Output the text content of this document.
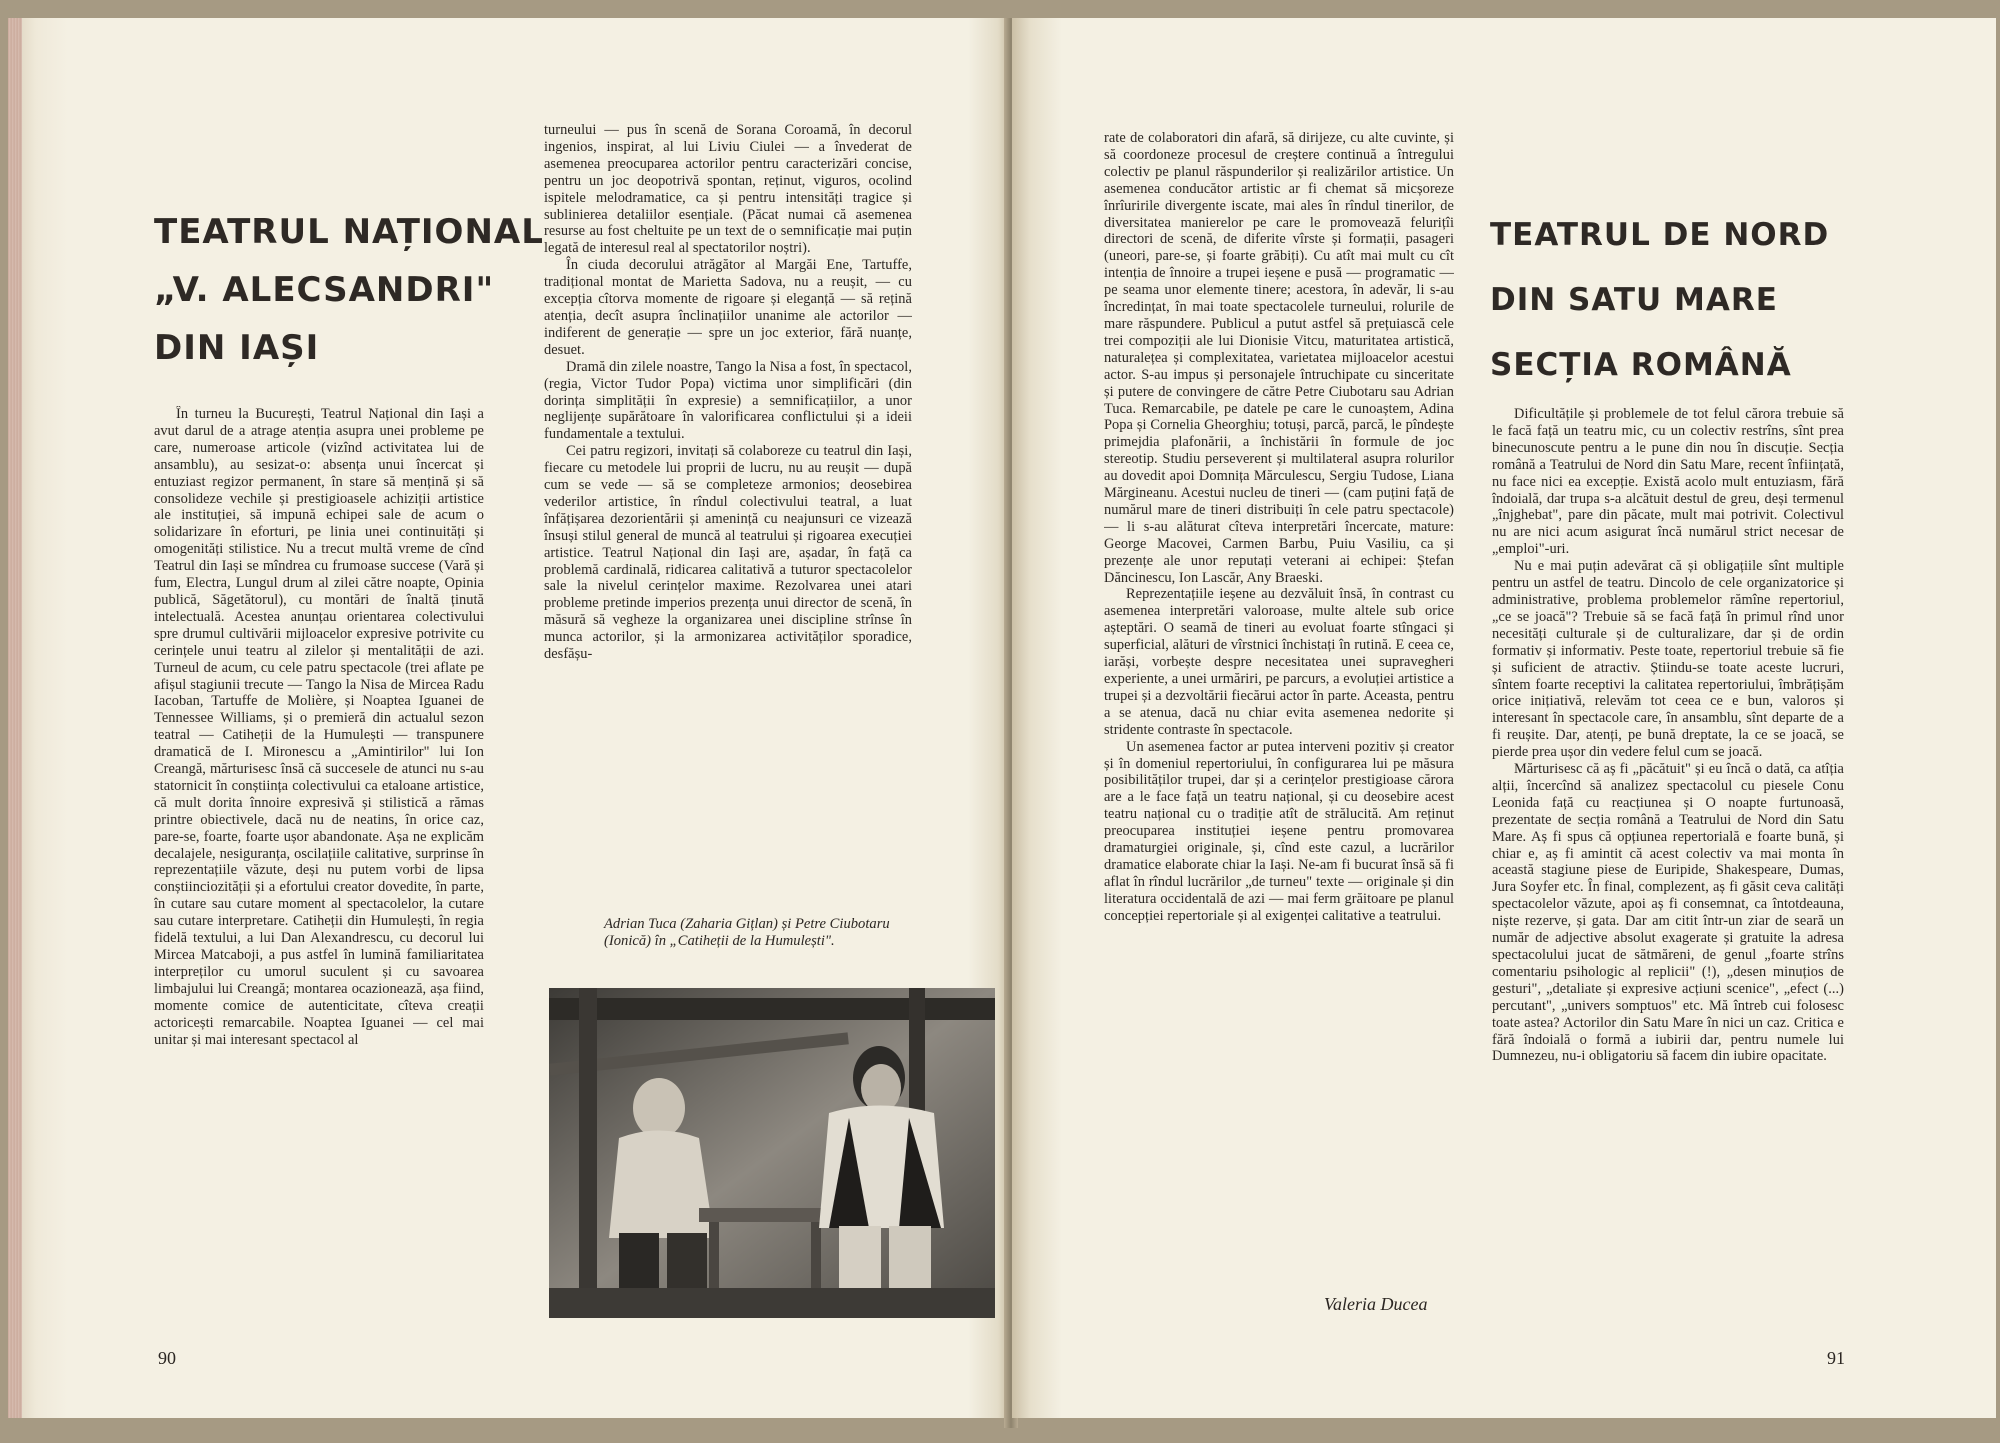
TEATRUL NAȚIONAL
„V. ALECSANDRI"
DIN IAȘI

În turneu la București, Teatrul Național din Iași a avut darul de a atrage atenția asupra unei probleme pe care, numeroase articole (vizînd activitatea lui de ansamblu), au sesizat-o: absența unui încercat și entuziast regizor permanent, în stare să mențină și să consolideze vechile și prestigioasele achiziții artistice ale instituției, să impună echipei sale de acum o solidarizare în eforturi, pe linia unei continuități și omogenități stilistice. Nu a trecut multă vreme de cînd Teatrul din Iași se mîndrea cu frumoase succese (Vară și fum, Electra, Lungul drum al zilei către noapte, Opinia publică, Săgetătorul), cu montări de înaltă ținută intelectuală. Acestea anunțau orientarea colectivului spre drumul cultivării mijloacelor expresive potrivite cu cerințele unui teatru al zilelor și mentalității de azi. Turneul de acum, cu cele patru spectacole (trei aflate pe afișul stagiunii trecute — Tango la Nisa de Mircea Radu Iacoban, Tartuffe de Molière, și Noaptea Iguanei de Tennessee Williams, și o premieră din actualul sezon teatral — Catiheții de la Humulești — transpunere dramatică de I. Mironescu a „Amintirilor" lui Ion Creangă, mărturisesc însă că succesele de atunci nu s-au statornicit în conștiința colectivului ca etaloane artistice, că mult dorita înnoire expresivă și stilistică a rămas printre obiectivele, dacă nu de neatins, în orice caz, pare-se, foarte, foarte ușor abandonate. Așa ne explicăm decalajele, nesiguranța, oscilațiile calitative, surprinse în reprezentațiile văzute, deși nu putem vorbi de lipsa conștiinciozității și a efortului creator dovedite, în parte, în cutare sau cutare moment al spectacolelor, la cutare sau cutare interpretare. Catiheții din Humulești, în regia fidelă textului, a lui Dan Alexandrescu, cu decorul lui Mircea Matcaboji, a pus astfel în lumină familiaritatea interpreților cu umorul suculent și cu savoarea limbajului lui Creangă; montarea ocazionează, așa fiind, momente comice de autenticitate, cîteva creații actoricești remarcabile. Noaptea Iguanei — cel mai unitar și mai interesant spectacol al

turneului — pus în scenă de Sorana Coroamă, în decorul ingenios, inspirat, al lui Liviu Ciulei — a învederat de asemenea preocuparea actorilor pentru caracterizări concise, pentru un joc deopotrivă spontan, reținut, viguros, ocolind ispitele melodramatice, ca și pentru intensități tragice și sublinierea detaliilor esențiale. (Păcat numai că asemenea resurse au fost cheltuite pe un text de o semnificație mai puțin legată de interesul real al spectatorilor noștri).

În ciuda decorului atrăgător al Margăi Ene, Tartuffe, tradițional montat de Marietta Sadova, nu a reușit, — cu excepția cîtorva momente de rigoare și eleganță — să rețină atenția, decît asupra înclinațiilor unanime ale actorilor — indiferent de generație — spre un joc exterior, fără nuanțe, desuet.

Dramă din zilele noastre, Tango la Nisa a fost, în spectacol, (regia, Victor Tudor Popa) victima unor simplificări (din dorința simplității în expresie) a semnificațiilor, a unor neglijențe supărătoare în valorificarea conflictului și a ideii fundamentale a textului.

Cei patru regizori, invitați să colaboreze cu teatrul din Iași, fiecare cu metodele lui proprii de lucru, nu au reușit — după cum se vede — să se completeze armonios; deosebirea vederilor artistice, în rîndul colectivului teatral, a luat înfățișarea dezorientării și amenință cu neajunsuri ce vizează însuși stilul general de muncă al teatrului și rigoarea execuției artistice. Teatrul Național din Iași are, așadar, în față ca problemă cardinală, ridicarea calitativă a tuturor spectacolelor sale la nivelul cerințelor maxime. Rezolvarea unei atari probleme pretinde imperios prezența unui director de scenă, în măsură să vegheze la organizarea unei discipline strînse în munca actorilor, și la armonizarea activităților sporadice, desfășu-

Adrian Tuca (Zaharia Gițlan) și Petre Ciubotaru (Ionică) în „Catiheții de la Humulești".
90

rate de colaboratori din afară, să dirijeze, cu alte cuvinte, și să coordoneze procesul de creștere continuă a întregului colectiv pe planul răspunderilor și realizărilor artistice. Un asemenea conducător artistic ar fi chemat să micșoreze înrîuririle divergente iscate, mai ales în rîndul tinerilor, de diversitatea manierelor pe care le promovează felurițîi directori de scenă, de diferite vîrste și formații, pasageri (uneori, pare-se, și foarte grăbiți). Cu atît mai mult cu cît intenția de înnoire a trupei ieșene e pusă — programatic — pe seama unor elemente tinere; acestora, în adevăr, li s-au încredințat, în mai toate spectacolele turneului, rolurile de mare răspundere. Publicul a putut astfel să prețuiască cele trei compoziții ale lui Dionisie Vitcu, maturitatea artistică, naturalețea și complexitatea, varietatea mijloacelor acestui actor. S-au impus și personajele întruchipate cu sinceritate și putere de convingere de către Petre Ciubotaru sau Adrian Tuca. Remarcabile, pe datele pe care le cunoaștem, Adina Popa și Cornelia Gheorghiu; totuși, parcă, parcă, le pîndește primejdia plafonării, a închistării în formule de joc stereotip. Studiu perseverent și multilateral asupra rolurilor au dovedit apoi Domnița Mărculescu, Sergiu Tudose, Liana Mărgineanu. Acestui nucleu de tineri — (cam puțini față de numărul mare de tineri distribuiți în cele patru spectacole) — li s-au alăturat cîteva interpretări încercate, mature: George Macovei, Carmen Barbu, Puiu Vasiliu, ca și prezențe ale unor reputați veterani ai echipei: Ștefan Dăncinescu, Ion Lascăr, Any Braeski.

Reprezentațiile ieșene au dezvăluit însă, în contrast cu asemenea interpretări valoroase, multe altele sub orice așteptări. O seamă de tineri au evoluat foarte stîngaci și superficial, alături de vîrstnici închistați în rutină. E ceea ce, iarăși, vorbește despre necesitatea unei supravegheri experiente, a unei urmăriri, pe parcurs, a evoluției artistice a trupei și a dezvoltării fiecărui actor în parte. Aceasta, pentru a se atenua, dacă nu chiar evita asemenea nedorite și stridente contraste în spectacole.

Un asemenea factor ar putea interveni pozitiv și creator și în domeniul repertoriului, în configurarea lui pe măsura posibilităților trupei, dar și a cerințelor prestigioase cărora are a le face față un teatru național, și cu deosebire acest teatru național cu o tradiție atît de strălucită. Am reținut preocuparea instituției ieșene pentru promovarea dramaturgiei originale, și, cînd este cazul, a lucrărilor dramatice elaborate chiar la Iași. Ne-am fi bucurat însă să fi aflat în rîndul lucrărilor „de turneu" texte — originale și din literatura occidentală de azi — mai ferm grăitoare pe planul concepției repertoriale și al exigenței calitative a teatrului.

Valeria Ducea
TEATRUL DE NORD
DIN SATU MARE
SECȚIA ROMÂNĂ

Dificultățile și problemele de tot felul cărora trebuie să le facă față un teatru mic, cu un colectiv restrîns, sînt prea binecunoscute pentru a le pune din nou în discuție. Secția română a Teatrului de Nord din Satu Mare, recent înființată, nu face nici ea excepție. Există acolo mult entuziasm, fără îndoială, dar trupa s-a alcătuit destul de greu, deși termenul „înjghebat", pare din păcate, mult mai potrivit. Colectivul nu are nici acum asigurat încă numărul strict necesar de „emploi"-uri.

Nu e mai puțin adevărat că și obligațiile sînt multiple pentru un astfel de teatru. Dincolo de cele organizatorice și administrative, problema problemelor rămîne repertoriul, „ce se joacă"? Trebuie să se facă față în primul rînd unor necesități culturale și de culturalizare, dar și de ordin formativ și informativ. Peste toate, repertoriul trebuie să fie și suficient de atractiv. Știindu-se toate aceste lucruri, sîntem foarte receptivi la calitatea repertoriului, îmbrățișăm orice inițiativă, relevăm tot ceea ce e bun, valoros și interesant în spectacole care, în ansamblu, sînt departe de a fi reușite. Dar, atenți, pe bună dreptate, la ce se joacă, se pierde prea ușor din vedere felul cum se joacă.

Mărturisesc că aș fi „păcătuit" și eu încă o dată, ca atîția alții, încercînd să analizez spectacolul cu piesele Conu Leonida față cu reacțiunea și O noapte furtunoasă, prezentate de secția română a Teatrului de Nord din Satu Mare. Aș fi spus că opțiunea repertorială e foarte bună, și chiar e, aș fi amintit că acest colectiv va mai monta în această stagiune piese de Euripide, Shakespeare, Dumas, Jura Soyfer etc. În final, complezent, aș fi găsit ceva calități spectacolelor văzute, apoi aș fi consemnat, ca întotdeauna, niște rezerve, și gata. Dar am citit într-un ziar de seară un număr de adjective absolut exagerate și gratuite la adresa spectacolului jucat de sătmăreni, de genul „foarte strîns comentariu psihologic al replicii" (!), „desen minuțios de gesturi", „detaliate și expresive acțiuni scenice", „efect (...) percutant", „univers somptuos" etc. Mă întreb cui folosesc toate astea? Actorilor din Satu Mare în nici un caz. Critica e fără îndoială o formă a iubirii dar, pentru numele lui Dumnezeu, nu-i obligatoriu să facem din iubire opacitate.

91
